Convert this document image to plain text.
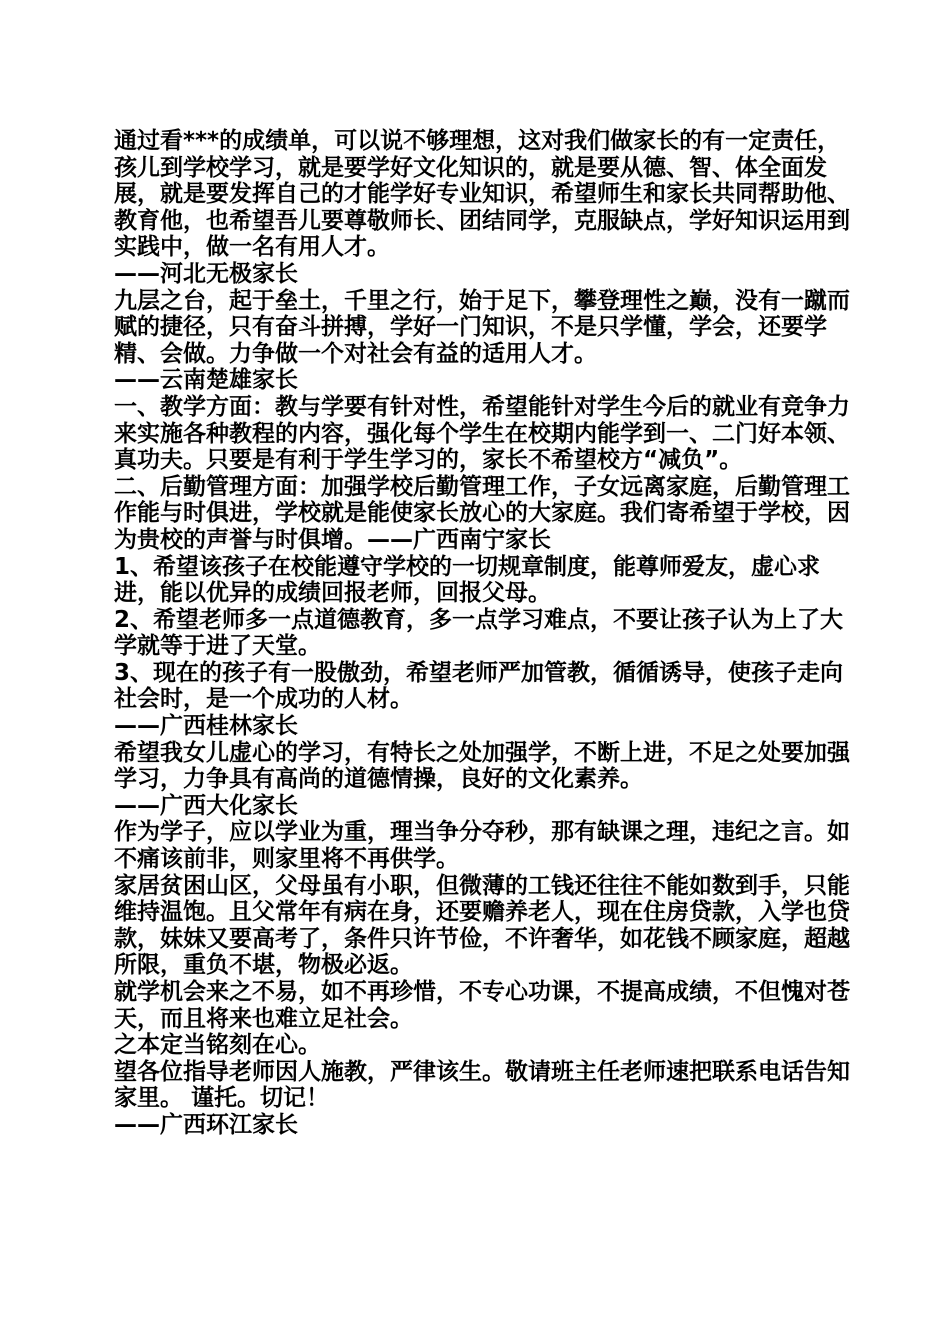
通过看***的成绩单，可以说不够理想，这对我们做家长的有一定责任，孩儿到学校学习，就是要学好文化知识的，就是要从德、智、体全面发展，就是要发挥自己的才能学好专业知识，希望师生和家长共同帮助他、教育他，也希望吾儿要尊敬师长、团结同学，克服缺点，学好知识运用到实践中，做一名有用人才。

——河北无极家长

九层之台，起于垒土，千里之行，始于足下，攀登理性之巅，没有一蹴而赋的捷径，只有奋斗拼搏，学好一门知识，不是只学懂，学会，还要学精、会做。力争做一个对社会有益的适用人才。

——云南楚雄家长

一、教学方面：教与学要有针对性，希望能针对学生今后的就业有竞争力来实施各种教程的内容，强化每个学生在校期内能学到一、二门好本领、真功夫。只要是有利于学生学习的，家长不希望校方“减负”。

二、后勤管理方面：加强学校后勤管理工作，子女远离家庭，后勤管理工作能与时俱进，学校就是能使家长放心的大家庭。我们寄希望于学校，因为贵校的声誉与时俱增。——广西南宁家长

1、希望该孩子在校能遵守学校的一切规章制度，能尊师爱友，虚心求进，能以优异的成绩回报老师，回报父母。

2、希望老师多一点道德教育，多一点学习难点，不要让孩子认为上了大学就等于进了天堂。

3、现在的孩子有一股傲劲，希望老师严加管教，循循诱导，使孩子走向社会时，是一个成功的人材。

——广西桂林家长

希望我女儿虚心的学习，有特长之处加强学，不断上进，不足之处要加强学习，力争具有高尚的道德情操，良好的文化素养。

——广西大化家长

作为学子，应以学业为重，理当争分夺秒，那有缺课之理，违纪之言。如不痛该前非，则家里将不再供学。

家居贫困山区，父母虽有小职，但微薄的工钱还往往不能如数到手，只能维持温饱。且父常年有病在身，还要赡养老人，现在住房贷款，入学也贷款，妹妹又要高考了，条件只许节俭，不许奢华，如花钱不顾家庭，超越所限，重负不堪，物极必返。

就学机会来之不易，如不再珍惜，不专心功课，不提高成绩，不但愧对苍天，而且将来也难立足社会。

之本定当铭刻在心。

望各位指导老师因人施教，严律该生。敬请班主任老师速把联系电话告知家里。 谨托。切记！

——广西环江家长
